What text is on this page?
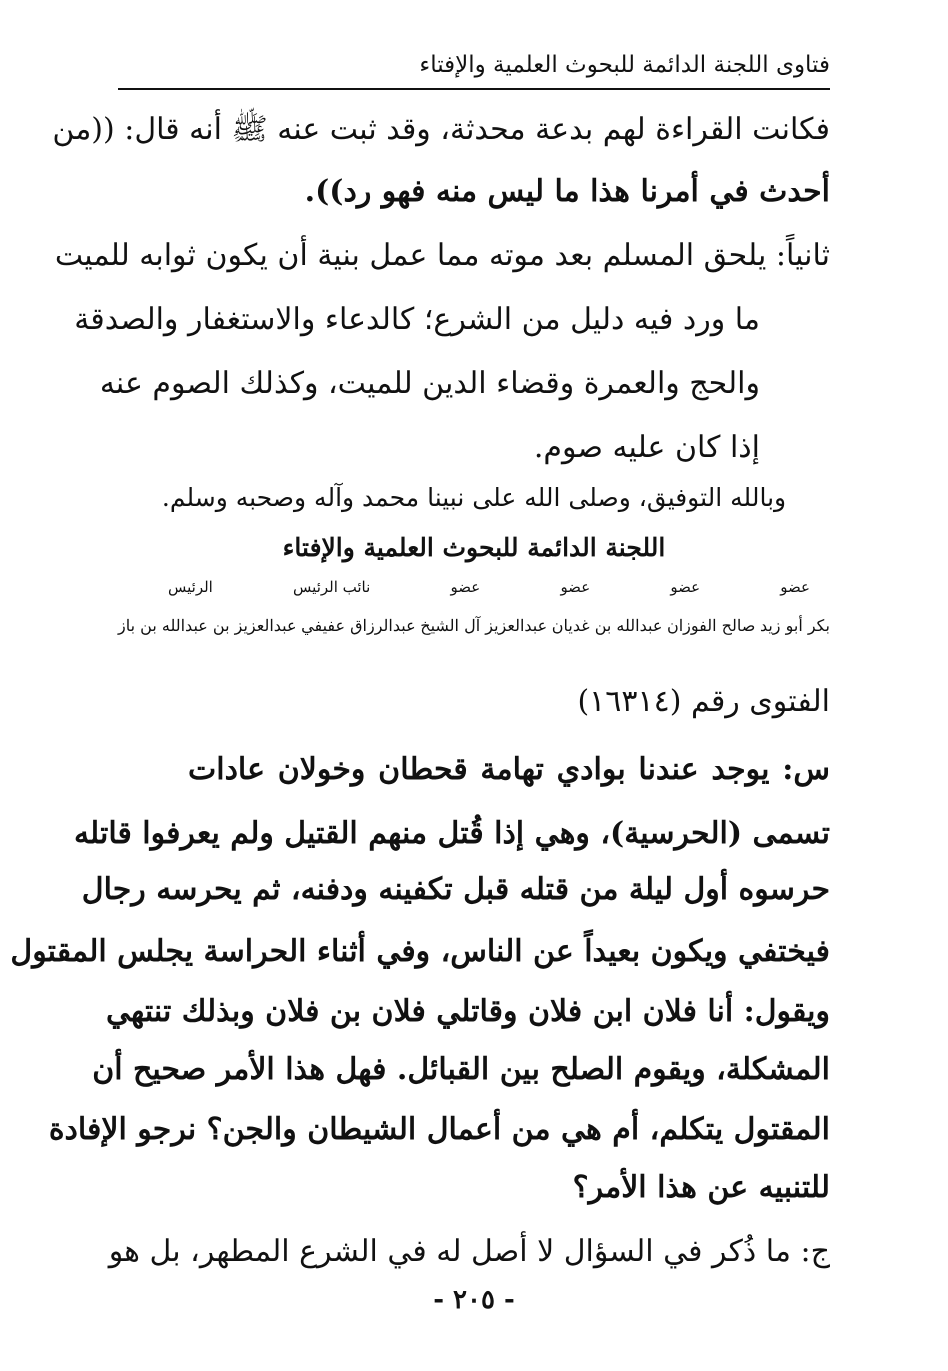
فتاوى اللجنة الدائمة للبحوث العلمية والإفتاء
فكانت القراءة لهم بدعة محدثة، وقد ثبت عنه ﷺ أنه قال: ((من
أحدث في أمرنا هذا ما ليس منه فهو رد)).
ثانياً: يلحق المسلم بعد موته مما عمل بنية أن يكون ثوابه للميت
ما ورد فيه دليل من الشرع؛ كالدعاء والاستغفار والصدقة
والحج والعمرة وقضاء الدين للميت، وكذلك الصوم عنه
إذا كان عليه صوم.
وبالله التوفيق، وصلى الله على نبينا محمد وآله وصحبه وسلم.
اللجنة الدائمة للبحوث العلمية والإفتاء
عضو
عضو
عضو
عضو
نائب الرئيس
الرئيس
بكر أبو زيد
صالح الفوزان
عبدالله بن غديان
عبدالعزيز آل الشيخ
عبدالرزاق عفيفي
عبدالعزيز بن عبدالله بن باز
الفتوى رقم (١٦٣١٤)
س: يوجد عندنا بوادي تهامة قحطان وخولان عادات
تسمى (الحرسية)، وهي إذا قُتل منهم القتيل ولم يعرفوا قاتله
حرسوه أول ليلة من قتله قبل تكفينه ودفنه، ثم يحرسه رجال
فيختفي ويكون بعيداً عن الناس، وفي أثناء الحراسة يجلس المقتول
ويقول: أنا فلان ابن فلان وقاتلي فلان بن فلان وبذلك تنتهي
المشكلة، ويقوم الصلح بين القبائل. فهل هذا الأمر صحيح أن
المقتول يتكلم، أم هي من أعمال الشيطان والجن؟ نرجو الإفادة
للتنبيه عن هذا الأمر؟
ج: ما ذُكر في السؤال لا أصل له في الشرع المطهر، بل هو
- ٢٠٥ -
